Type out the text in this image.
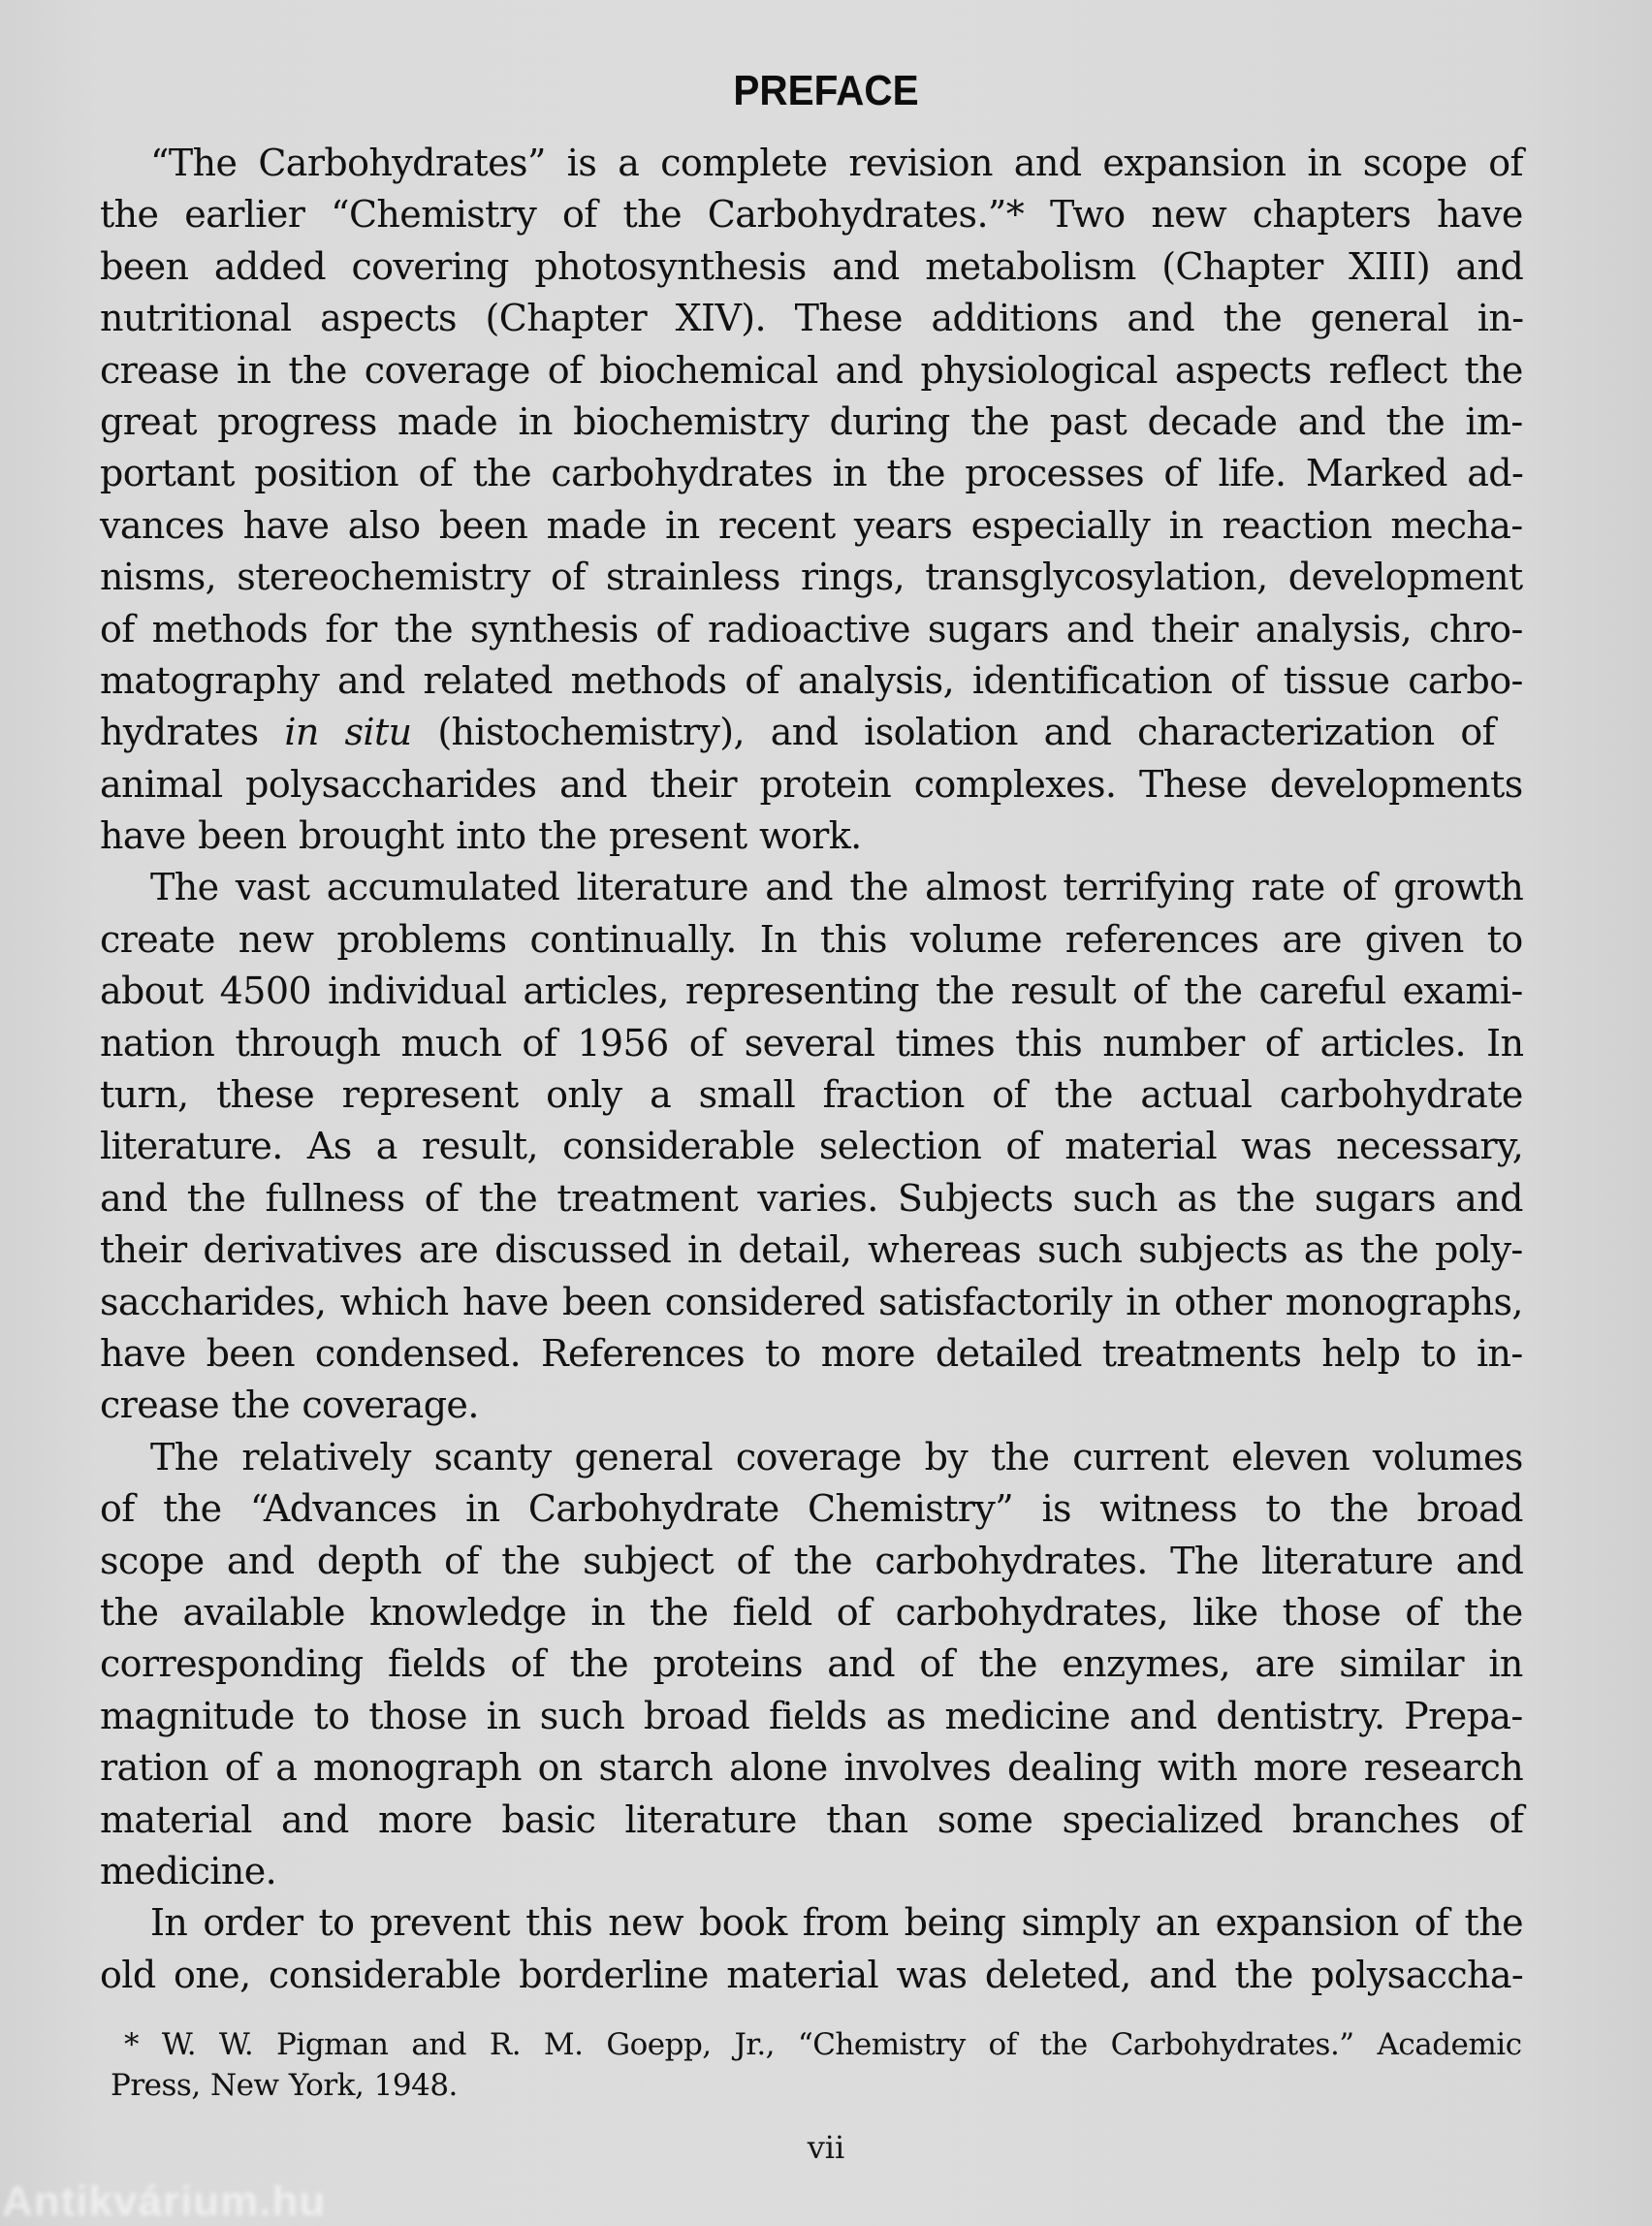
PREFACE
“The Carbohydrates” is a complete revision and expansion in scope of
the earlier “Chemistry of the Carbohydrates.”* Two new chapters have
been added covering photosynthesis and metabolism (Chapter XIII) and
nutritional aspects (Chapter XIV). These additions and the general in-
crease in the coverage of biochemical and physiological aspects reflect the
great progress made in biochemistry during the past decade and the im-
portant position of the carbohydrates in the processes of life. Marked ad-
vances have also been made in recent years especially in reaction mecha-
nisms, stereochemistry of strainless rings, transglycosylation, development
of methods for the synthesis of radioactive sugars and their analysis, chro-
matography and related methods of analysis, identification of tissue carbo-
hydrates in situ (histochemistry), and isolation and characterization of
animal polysaccharides and their protein complexes. These developments
have been brought into the present work.
The vast accumulated literature and the almost terrifying rate of growth
create new problems continually. In this volume references are given to
about 4500 individual articles, representing the result of the careful exami-
nation through much of 1956 of several times this number of articles. In
turn, these represent only a small fraction of the actual carbohydrate
literature. As a result, considerable selection of material was necessary,
and the fullness of the treatment varies. Subjects such as the sugars and
their derivatives are discussed in detail, whereas such subjects as the poly-
saccharides, which have been considered satisfactorily in other monographs,
have been condensed. References to more detailed treatments help to in-
crease the coverage.
The relatively scanty general coverage by the current eleven volumes
of the “Advances in Carbohydrate Chemistry” is witness to the broad
scope and depth of the subject of the carbohydrates. The literature and
the available knowledge in the field of carbohydrates, like those of the
corresponding fields of the proteins and of the enzymes, are similar in
magnitude to those in such broad fields as medicine and dentistry. Prepa-
ration of a monograph on starch alone involves dealing with more research
material and more basic literature than some specialized branches of
medicine.
In order to prevent this new book from being simply an expansion of the
old one, considerable borderline material was deleted, and the polysaccha-
* W. W. Pigman and R. M. Goepp, Jr., “Chemistry of the Carbohydrates.” Academic
Press, New York, 1948.
vii
Antikvárium.hu
